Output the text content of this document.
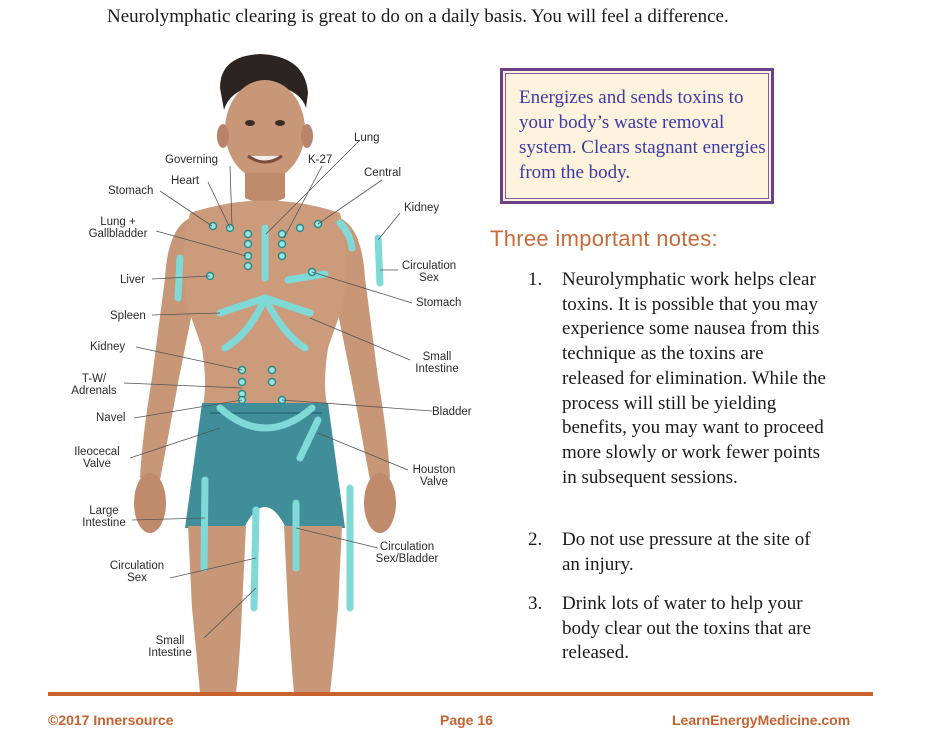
Neurolymphatic clearing is great to do on a daily basis. You will feel a difference.
Lung
Governing	K-27
Heart
Central
Stomach
Kidney
Lung +
Gallbladder
Circulation
Sex
Liver
Stomach
Spleen
Kidney
Small
Intestine
T-W/
Adrenals
Navel	Bladder
Ileocecal
Valve	Houston
Valve
Large
Intestine
Circulation
Sex/Bladder
Circulation
Sex
Small
Intestine

Energizes and sends toxins to your body’s waste removal system. Clears stagnant energies from the body.

Three important notes:
1. Neurolymphatic work helps clear toxins. It is possible that you may experience some nausea from this technique as the toxins are released for elimination. While the process will still be yielding benefits, you may want to proceed more slowly or work fewer points in subsequent sessions.
2. Do not use pressure at the site of an injury.
3. Drink lots of water to help your body clear out the toxins that are released.
©2017 Innersource	Page 16	LearnEnergyMedicine.com
